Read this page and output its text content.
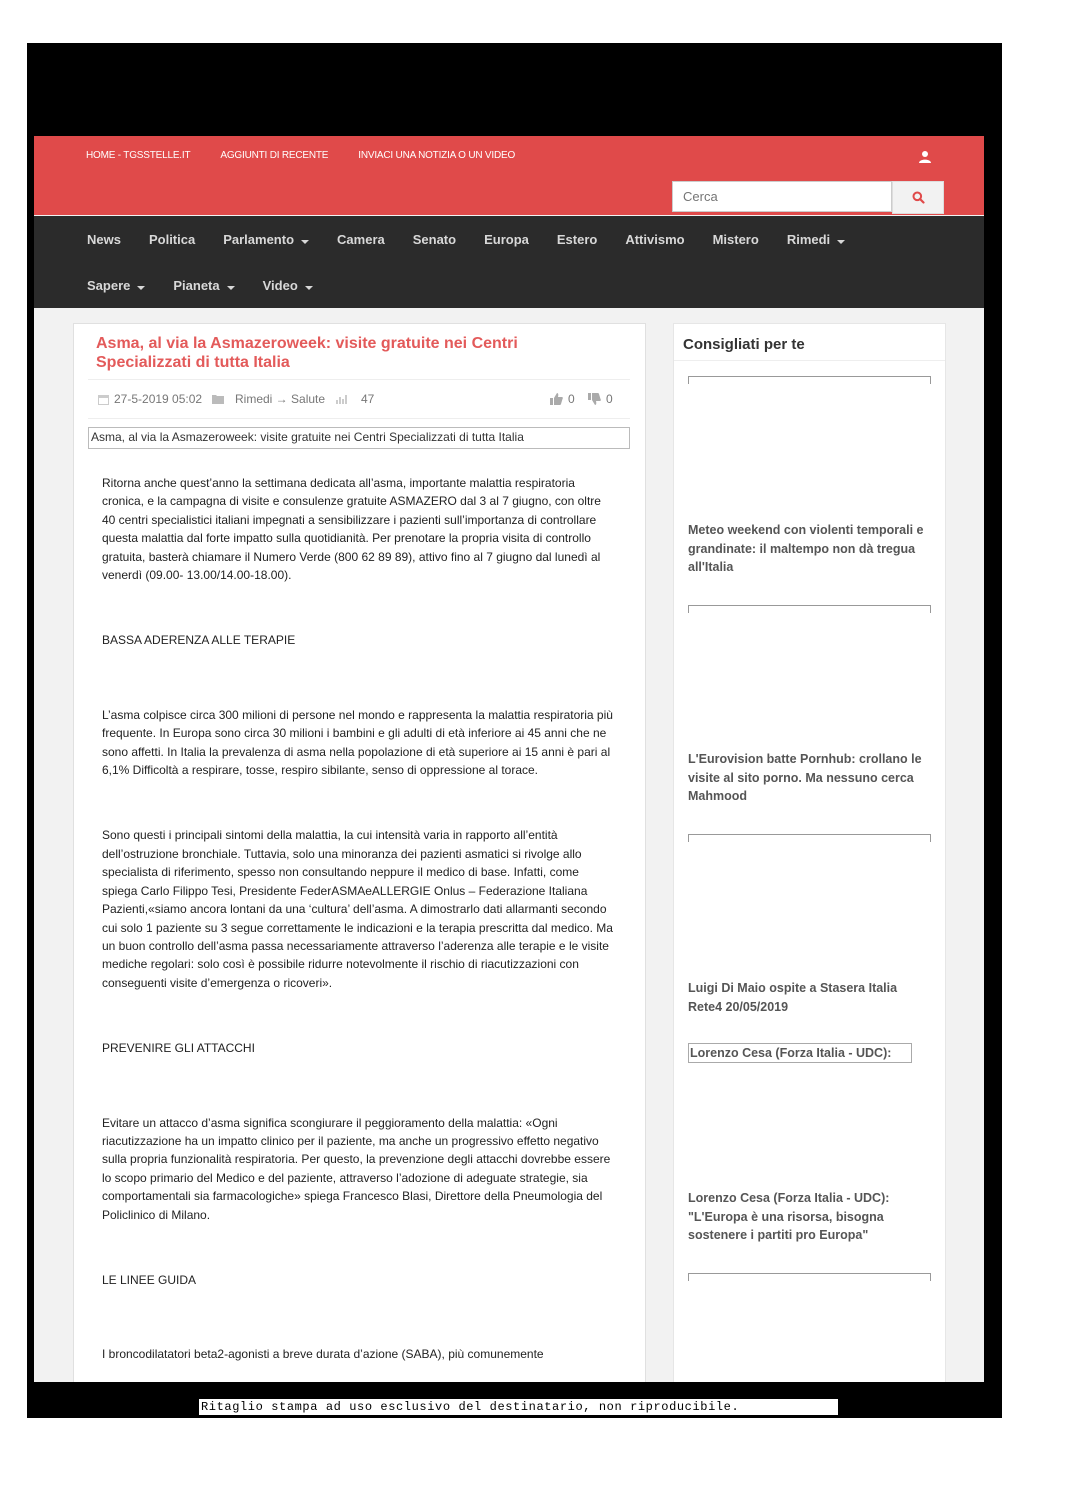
HOME - TGSSTELLE.IT	AGGIUNTI DI RECENTE	INVIACI UNA NOTIZIA O UN VIDEO
Cerca
News Politica Parlamento	Camera Senato Europa Estero Attivismo Mistero Rimedi
Sapere	Pianeta	Video
Asma, al via la Asmazeroweek: visite gratuite nei Centri Specializzati di tutta Italia
27-5-2019 05:02	Rimedi → Salute	47	0	0
Asma, al via la Asmazeroweek: visite gratuite nei Centri Specializzati di tutta Italia

Ritorna anche quest’anno la settimana dedicata all’asma, importante malattia respiratoria cronica, e la campagna di visite e consulenze gratuite ASMAZERO dal 3 al 7 giugno, con oltre 40 centri specialistici italiani impegnati a sensibilizzare i pazienti sull’importanza di controllare questa malattia dal forte impatto sulla quotidianità. Per prenotare la propria visita di controllo gratuita, basterà chiamare il Numero Verde (800 62 89 89), attivo fino al 7 giugno dal lunedì al venerdì (09.00- 13.00/14.00-18.00).

BASSA ADERENZA ALLE TERAPIE

L’asma colpisce circa 300 milioni di persone nel mondo e rappresenta la malattia respiratoria più frequente. In Europa sono circa 30 milioni i bambini e gli adulti di età inferiore ai 45 anni che ne sono affetti. In Italia la prevalenza di asma nella popolazione di età superiore ai 15 anni è pari al 6,1% Difficoltà a respirare, tosse, respiro sibilante, senso di oppressione al torace.

Sono questi i principali sintomi della malattia, la cui intensità varia in rapporto all’entità dell’ostruzione bronchiale. Tuttavia, solo una minoranza dei pazienti asmatici si rivolge allo specialista di riferimento, spesso non consultando neppure il medico di base. Infatti, come spiega Carlo Filippo Tesi, Presidente FederASMAeALLERGIE Onlus – Federazione Italiana Pazienti,«siamo ancora lontani da una ‘cultura’ dell’asma. A dimostrarlo dati allarmanti secondo cui solo 1 paziente su 3 segue correttamente le indicazioni e la terapia prescritta dal medico. Ma un buon controllo dell’asma passa necessariamente attraverso l’aderenza alle terapie e le visite mediche regolari: solo così è possibile ridurre notevolmente il rischio di riacutizzazioni con conseguenti visite d’emergenza o ricoveri».

PREVENIRE GLI ATTACCHI

Evitare un attacco d’asma significa scongiurare il peggioramento della malattia: «Ogni riacutizzazione ha un impatto clinico per il paziente, ma anche un progressivo effetto negativo sulla propria funzionalità respiratoria. Per questo, la prevenzione degli attacchi dovrebbe essere lo scopo primario del Medico e del paziente, attraverso l’adozione di adeguate strategie, sia comportamentali sia farmacologiche» spiega Francesco Blasi, Direttore della Pneumologia del Policlinico di Milano.

LE LINEE GUIDA

I broncodilatatori beta2-agonisti a breve durata d’azione (SABA), più comunemente

Consigliati per te
Meteo weekend con violenti temporali e grandinate: il maltempo non dà tregua all'Italia
L'Eurovision batte Pornhub: crollano le visite al sito porno. Ma nessuno cerca Mahmood
Luigi Di Maio ospite a Stasera Italia Rete4 20/05/2019
Lorenzo Cesa (Forza Italia - UDC):
Lorenzo Cesa (Forza Italia - UDC): "L'Europa è una risorsa, bisogna sostenere i partiti pro Europa"
Ritaglio stampa ad uso esclusivo del destinatario, non riproducibile.
